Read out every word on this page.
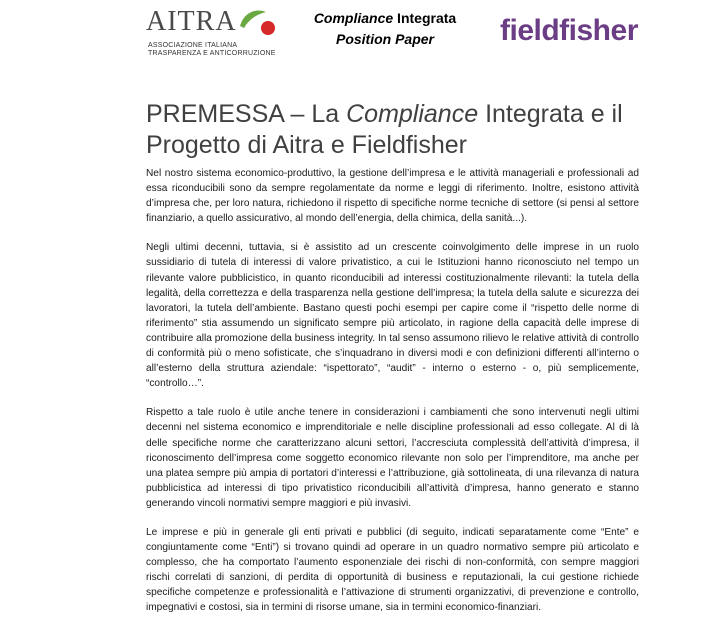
AITRA
ASSOCIAZIONE ITALIANA
TRASPARENZA E ANTICORRUZIONE
Compliance Integrata
Position Paper	fieldfisher
PREMESSA – La Compliance Integrata e il Progetto di Aitra e Fieldfisher

Nel nostro sistema economico-produttivo, la gestione dell’impresa e le attività manageriali e professionali ad essa riconducibili sono da sempre regolamentate da norme e leggi di riferimento. Inoltre, esistono attività d’impresa che, per loro natura, richiedono il rispetto di specifiche norme tecniche di settore (si pensi al settore finanziario, a quello assicurativo, al mondo dell’energia, della chimica, della sanità...).

Negli ultimi decenni, tuttavia, si è assistito ad un crescente coinvolgimento delle imprese in un ruolo sussidiario di tutela di interessi di valore privatistico, a cui le Istituzioni hanno riconosciuto nel tempo un rilevante valore pubblicistico, in quanto riconducibili ad interessi costituzionalmente rilevanti: la tutela della legalità, della correttezza e della trasparenza nella gestione dell’impresa; la tutela della salute e sicurezza dei lavoratori, la tutela dell’ambiente. Bastano questi pochi esempi per capire come il “rispetto delle norme di riferimento” stia assumendo un significato sempre più articolato, in ragione della capacità delle imprese di contribuire alla promozione della business integrity. In tal senso assumono rilievo le relative attività di controllo di conformità più o meno sofisticate, che s’inquadrano in diversi modi e con definizioni differenti all’interno o all’esterno della struttura aziendale: “ispettorato”, “audit” - interno o esterno - o, più semplicemente, “controllo…”.

Rispetto a tale ruolo è utile anche tenere in considerazioni i cambiamenti che sono intervenuti negli ultimi decenni nel sistema economico e imprenditoriale e nelle discipline professionali ad esso collegate. Al di là delle specifiche norme che caratterizzano alcuni settori, l’accresciuta complessità dell’attività d’impresa, il riconoscimento dell’impresa come soggetto economico rilevante non solo per l’imprenditore, ma anche per una platea sempre più ampia di portatori d’interessi e l’attribuzione, già sottolineata, di una rilevanza di natura pubblicistica ad interessi di tipo privatistico riconducibili all’attività d’impresa, hanno generato e stanno generando vincoli normativi sempre maggiori e più invasivi.

Le imprese e più in generale gli enti privati e pubblici (di seguito, indicati separatamente come “Ente” e congiuntamente come “Enti”) si trovano quindi ad operare in un quadro normativo sempre più articolato e complesso, che ha comportato l’aumento esponenziale dei rischi di non-conformità, con sempre maggiori rischi correlati di sanzioni, di perdita di opportunità di business e reputazionali, la cui gestione richiede specifiche competenze e professionalità e l’attivazione di strumenti organizzativi, di prevenzione e controllo, impegnativi e costosi, sia in termini di risorse umane, sia in termini economico-finanziari.
